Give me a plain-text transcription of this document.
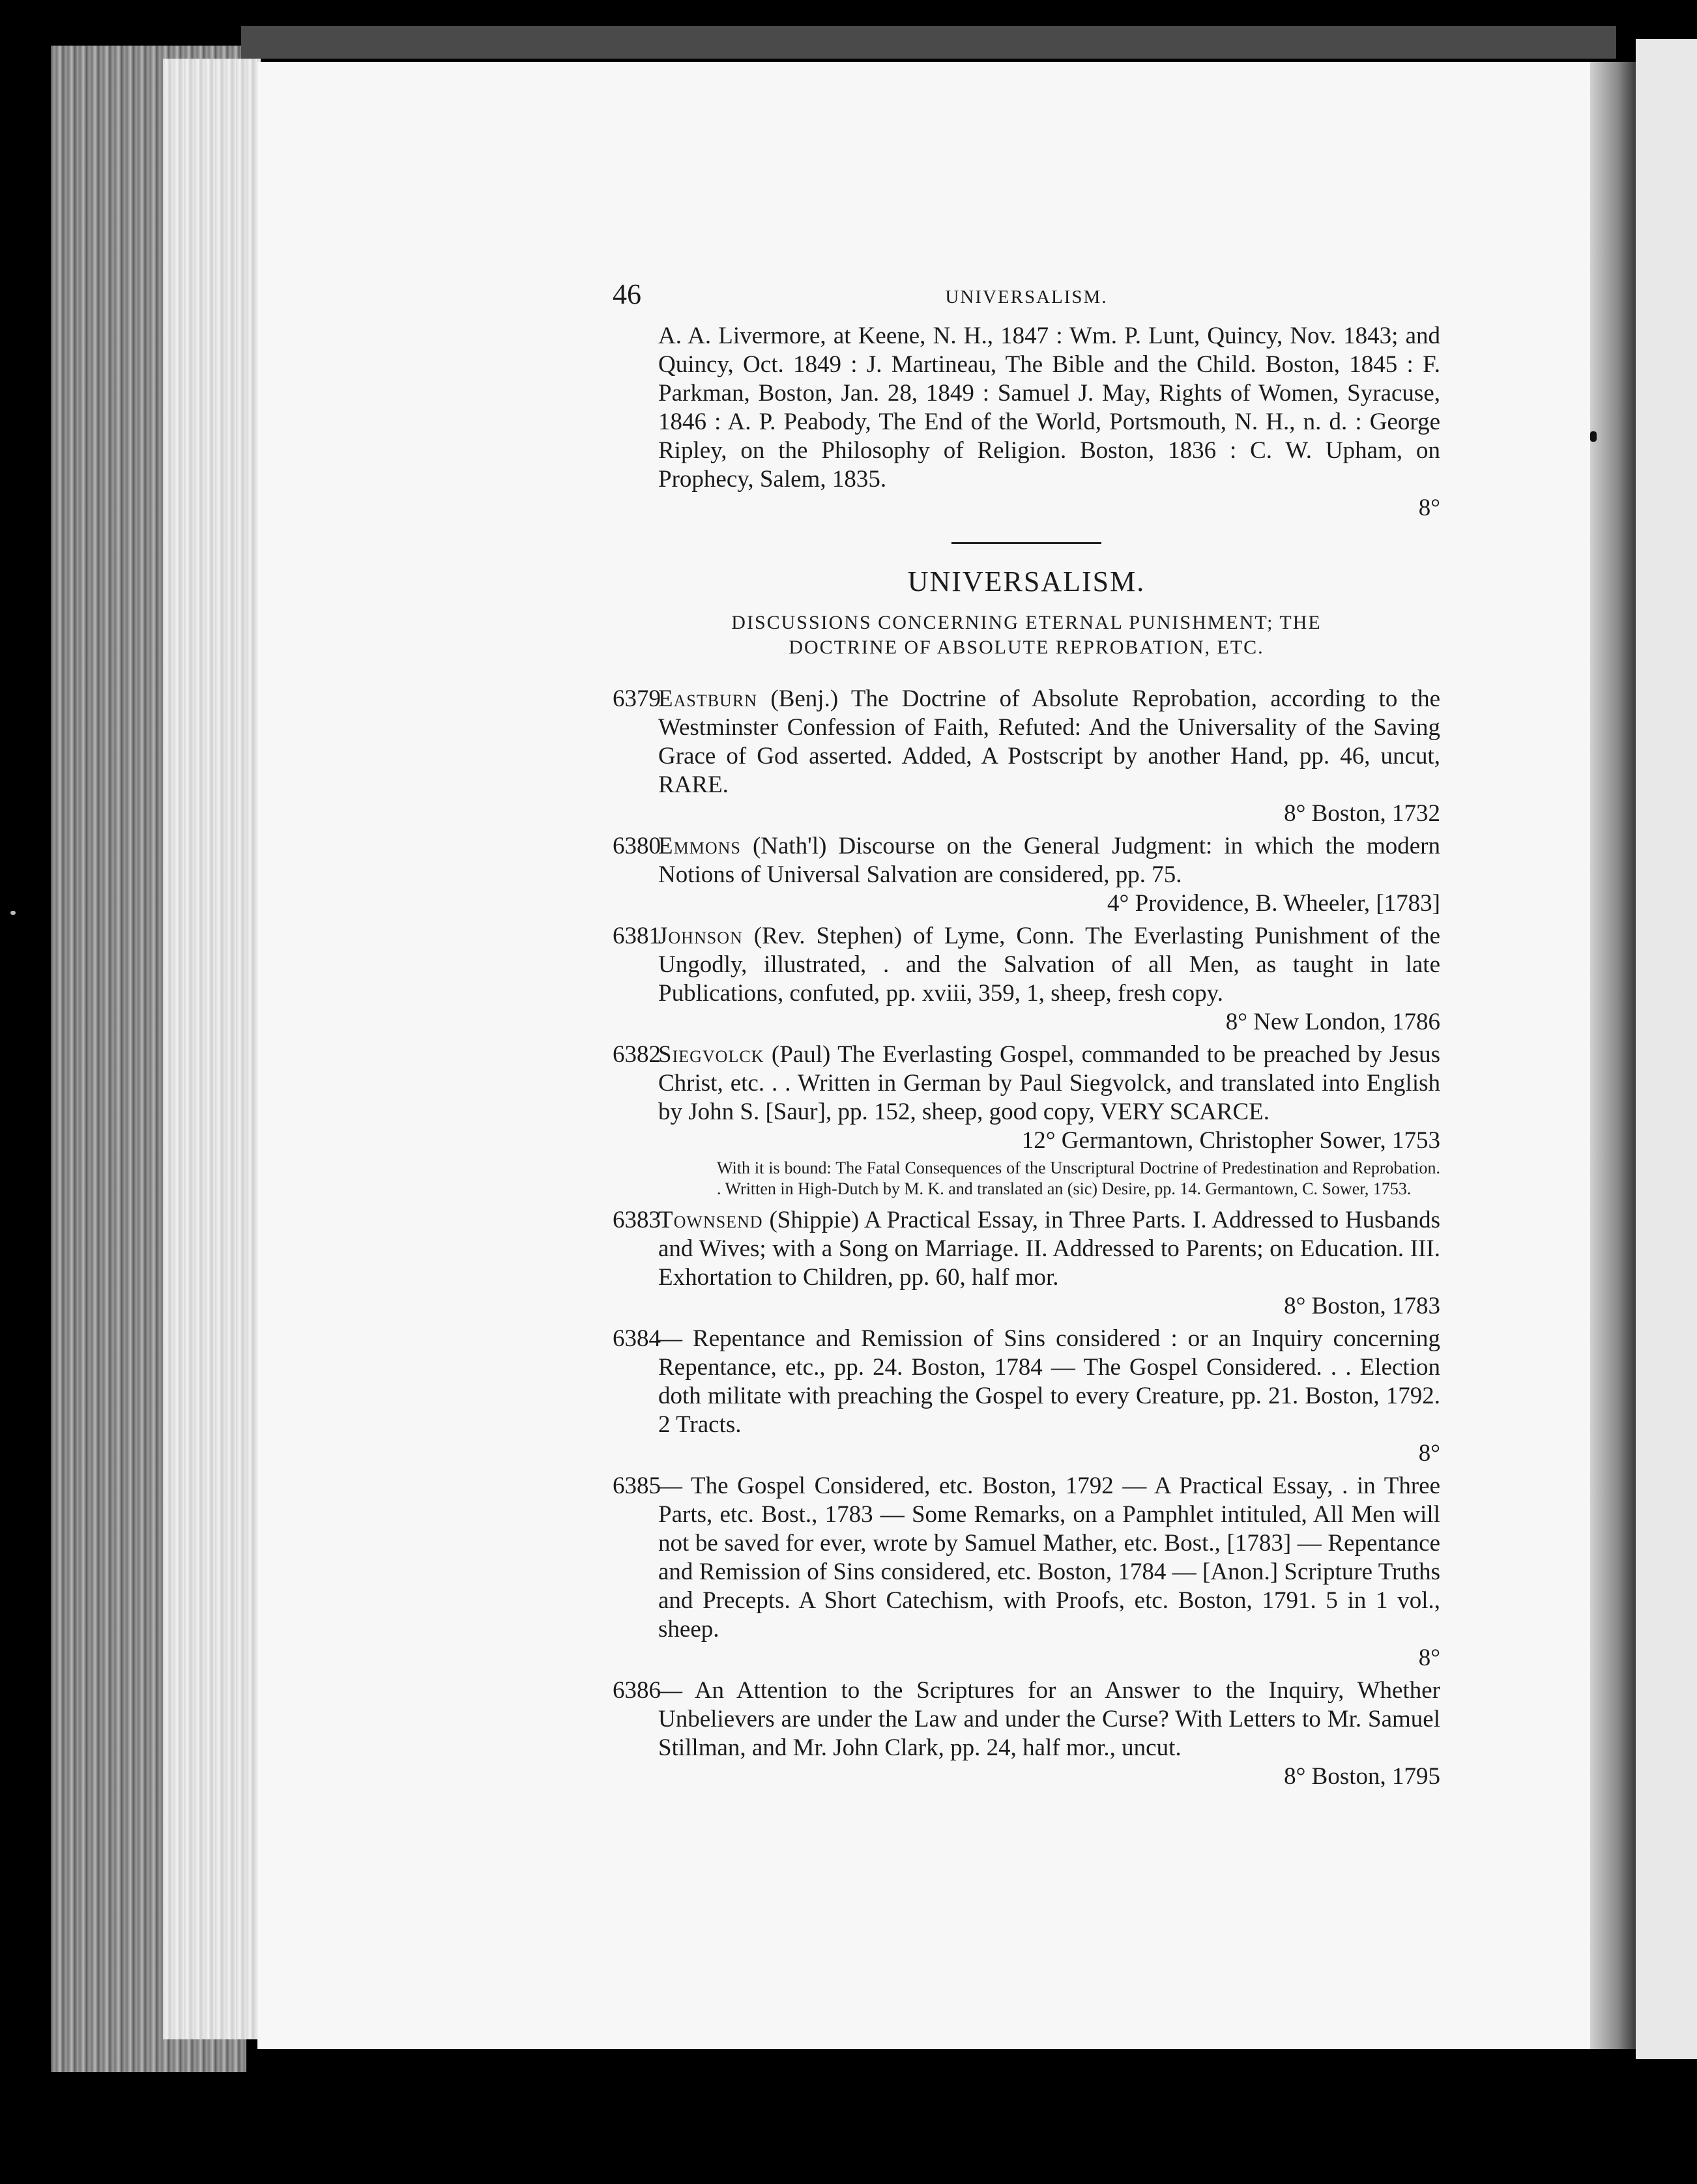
46	UNIVERSALISM.
A. A. Livermore, at Keene, N. H., 1847 : Wm. P. Lunt, Quincy, Nov. 1843; and Quincy, Oct. 1849 : J. Martineau, The Bible and the Child. Boston, 1845 : F. Parkman, Boston, Jan. 28, 1849 : Samuel J. May, Rights of Women, Syracuse, 1846 : A. P. Peabody, The End of the World, Portsmouth, N. H., n. d. : George Ripley, on the Philosophy of Religion. Boston, 1836 : C. W. Upham, on Prophecy, Salem, 1835.
8°
UNIVERSALISM.
DISCUSSIONS CONCERNING ETERNAL PUNISHMENT; THE
DOCTRINE OF ABSOLUTE REPROBATION, ETC.
6379
Eastburn (Benj.) The Doctrine of Absolute Reprobation, according to the Westminster Confession of Faith, Refuted: And the Universality of the Saving Grace of God asserted. Added, A Postscript by another Hand, pp. 46, uncut, RARE.
8° Boston, 1732
6380
Emmons (Nath'l) Discourse on the General Judgment: in which the modern Notions of Universal Salvation are considered, pp. 75.
4° Providence, B. Wheeler, [1783]
6381
Johnson (Rev. Stephen) of Lyme, Conn. The Everlasting Punishment of the Ungodly, illustrated, . and the Salvation of all Men, as taught in late Publications, confuted, pp. xviii, 359, 1, sheep, fresh copy.
8° New London, 1786
6382
Siegvolck (Paul) The Everlasting Gospel, commanded to be preached by Jesus Christ, etc. . . Written in German by Paul Siegvolck, and translated into English by John S. [Saur], pp. 152, sheep, good copy, VERY SCARCE.
12° Germantown, Christopher Sower, 1753
With it is bound: The Fatal Consequences of the Unscriptural Doctrine of Predestination and Reprobation. . Written in High-Dutch by M. K. and translated an (sic) Desire, pp. 14. Germantown, C. Sower, 1753.
6383
Townsend (Shippie) A Practical Essay, in Three Parts. I. Addressed to Husbands and Wives; with a Song on Marriage. II. Addressed to Parents; on Education. III. Exhortation to Children, pp. 60, half mor.
8° Boston, 1783
6384
— Repentance and Remission of Sins considered : or an Inquiry concerning Repentance, etc., pp. 24. Boston, 1784 — The Gospel Considered. . . Election doth militate with preaching the Gospel to every Creature, pp. 21. Boston, 1792. 2 Tracts.
8°
6385
— The Gospel Considered, etc. Boston, 1792 — A Practical Essay, . in Three Parts, etc. Bost., 1783 — Some Remarks, on a Pamphlet intituled, All Men will not be saved for ever, wrote by Samuel Mather, etc. Bost., [1783] — Repentance and Remission of Sins considered, etc. Boston, 1784 — [Anon.] Scripture Truths and Precepts. A Short Catechism, with Proofs, etc. Boston, 1791. 5 in 1 vol., sheep.
8°
6386
— An Attention to the Scriptures for an Answer to the Inquiry, Whether Unbelievers are under the Law and under the Curse? With Letters to Mr. Samuel Stillman, and Mr. John Clark, pp. 24, half mor., uncut.
8° Boston, 1795
